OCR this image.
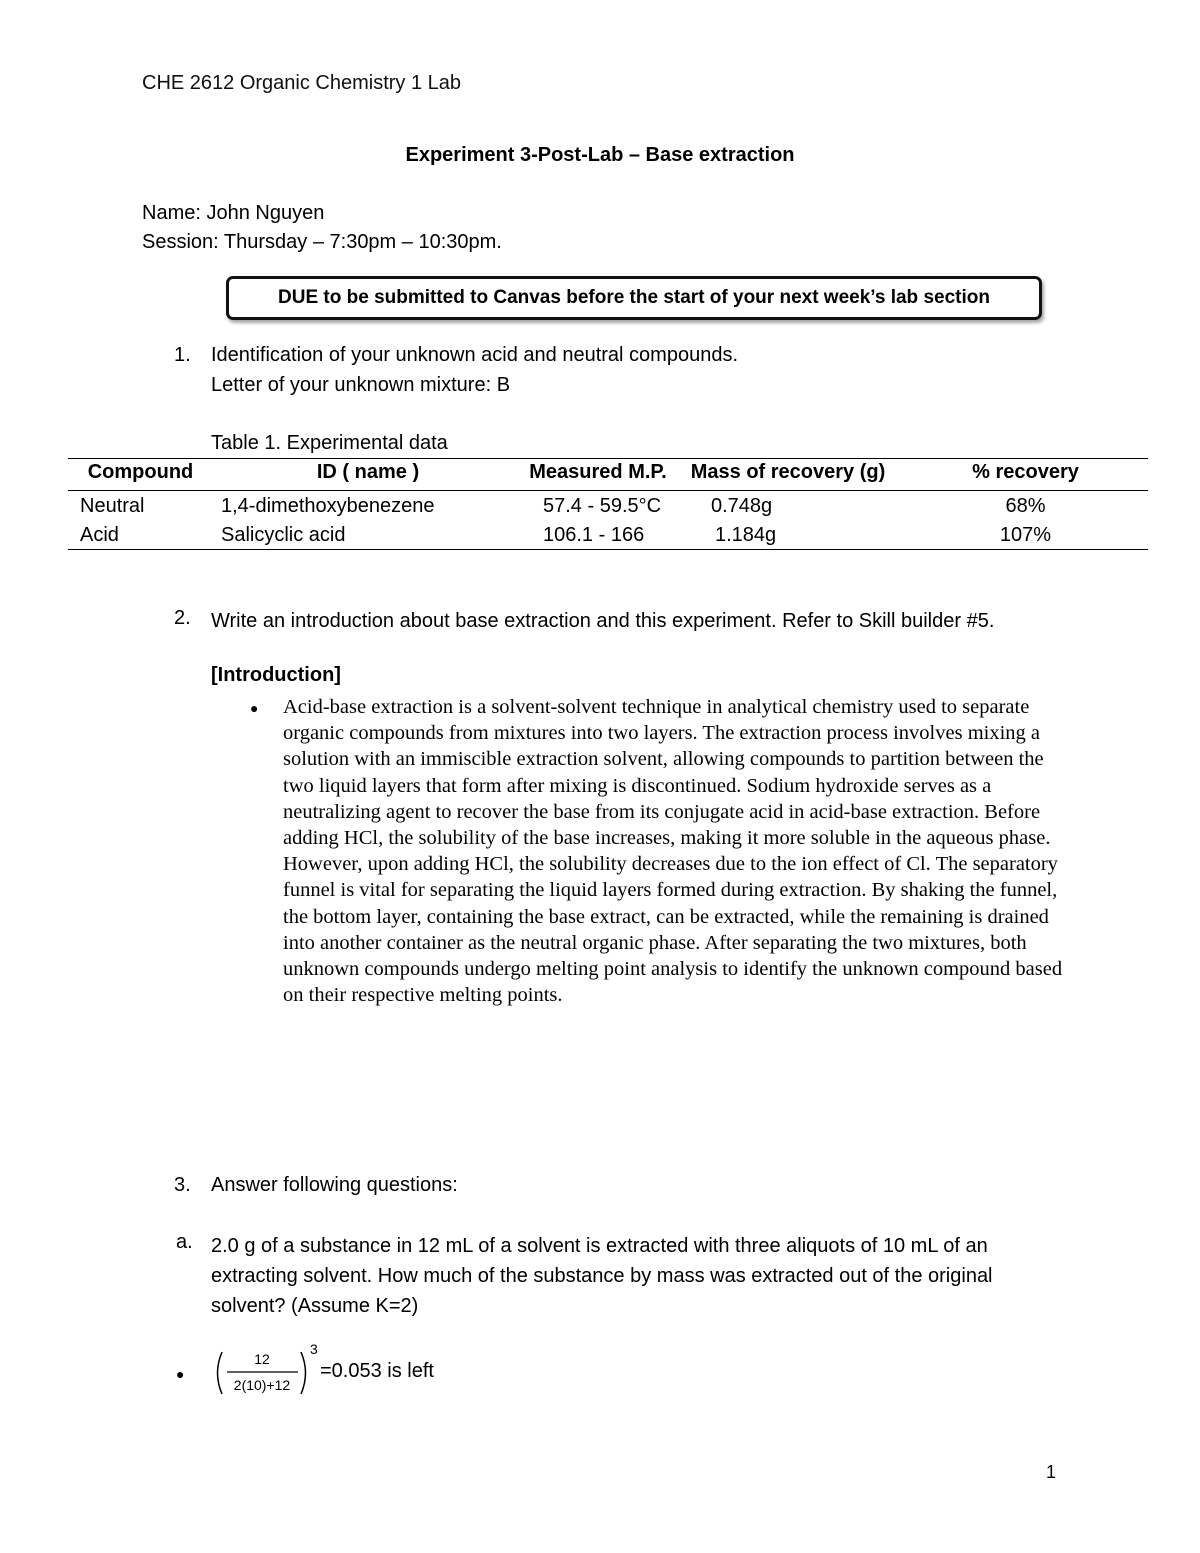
CHE 2612 Organic Chemistry 1 Lab
Experiment 3-Post-Lab – Base extraction
Name: John Nguyen
Session: Thursday – 7:30pm – 10:30pm.
DUE to be submitted to Canvas before the start of your next week’s lab section
1. Identification of your unknown acid and neutral compounds.
Letter of your unknown mixture: B
Table 1. Experimental data
Compound	ID ( name )	Measured M.P.	Mass of recovery (g)	% recovery
Neutral	1,4-dimethoxybenezene	57.4 - 59.5°C	0.748g	68%
Acid	Salicyclic acid	106.1 - 166	1.184g	107%
2. Write an introduction about base extraction and this experiment. Refer to Skill builder #5.
[Introduction]
● Acid-base extraction is a solvent-solvent technique in analytical chemistry used to separate organic compounds from mixtures into two layers. The extraction process involves mixing a solution with an immiscible extraction solvent, allowing compounds to partition between the two liquid layers that form after mixing is discontinued. Sodium hydroxide serves as a neutralizing agent to recover the base from its conjugate acid in acid-base extraction. Before adding HCl, the solubility of the base increases, making it more soluble in the aqueous phase. However, upon adding HCl, the solubility decreases due to the ion effect of Cl. The separatory funnel is vital for separating the liquid layers formed during extraction. By shaking the funnel, the bottom layer, containing the base extract, can be extracted, while the remaining is drained into another container as the neutral organic phase. After separating the two mixtures, both unknown compounds undergo melting point analysis to identify the unknown compound based on their respective melting points.
3. Answer following questions:
a. 2.0 g of a substance in 12 mL of a solvent is extracted with three aliquots of 10 mL of an extracting solvent. How much of the substance by mass was extracted out of the original solvent? (Assume K=2)
●
12
2(10)+12
3
=0.053 is left
1
